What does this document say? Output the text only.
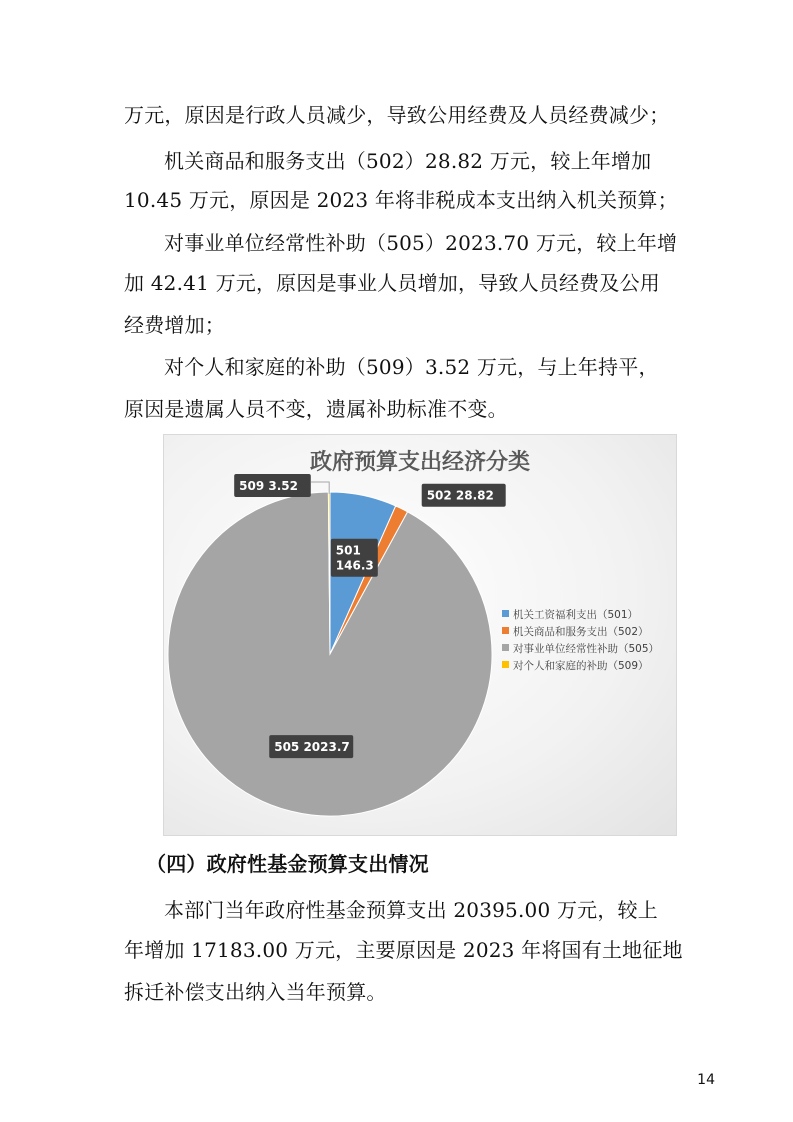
万元，原因是行政人员减少，导致公用经费及人员经费减少；
机关商品和服务支出（502）28.82 万元，较上年增加
10.45 万元，原因是 2023 年将非税成本支出纳入机关预算；
对事业单位经常性补助（505）2023.70 万元，较上年增
加 42.41 万元，原因是事业人员增加，导致人员经费及公用
经费增加；
对个人和家庭的补助（509）3.52 万元，与上年持平，
原因是遗属人员不变，遗属补助标准不变。
政府预算支出经济分类
机关工资福利支出（501）
机关商品和服务支出（502）
对事业单位经常性补助（505）
对个人和家庭的补助（509）
501
146.3
502 28.82
505 2023.7
509 3.52
（四）政府性基金预算支出情况
本部门当年政府性基金预算支出 20395.00 万元，较上
年增加 17183.00 万元，主要原因是 2023 年将国有土地征地
拆迁补偿支出纳入当年预算。
14
